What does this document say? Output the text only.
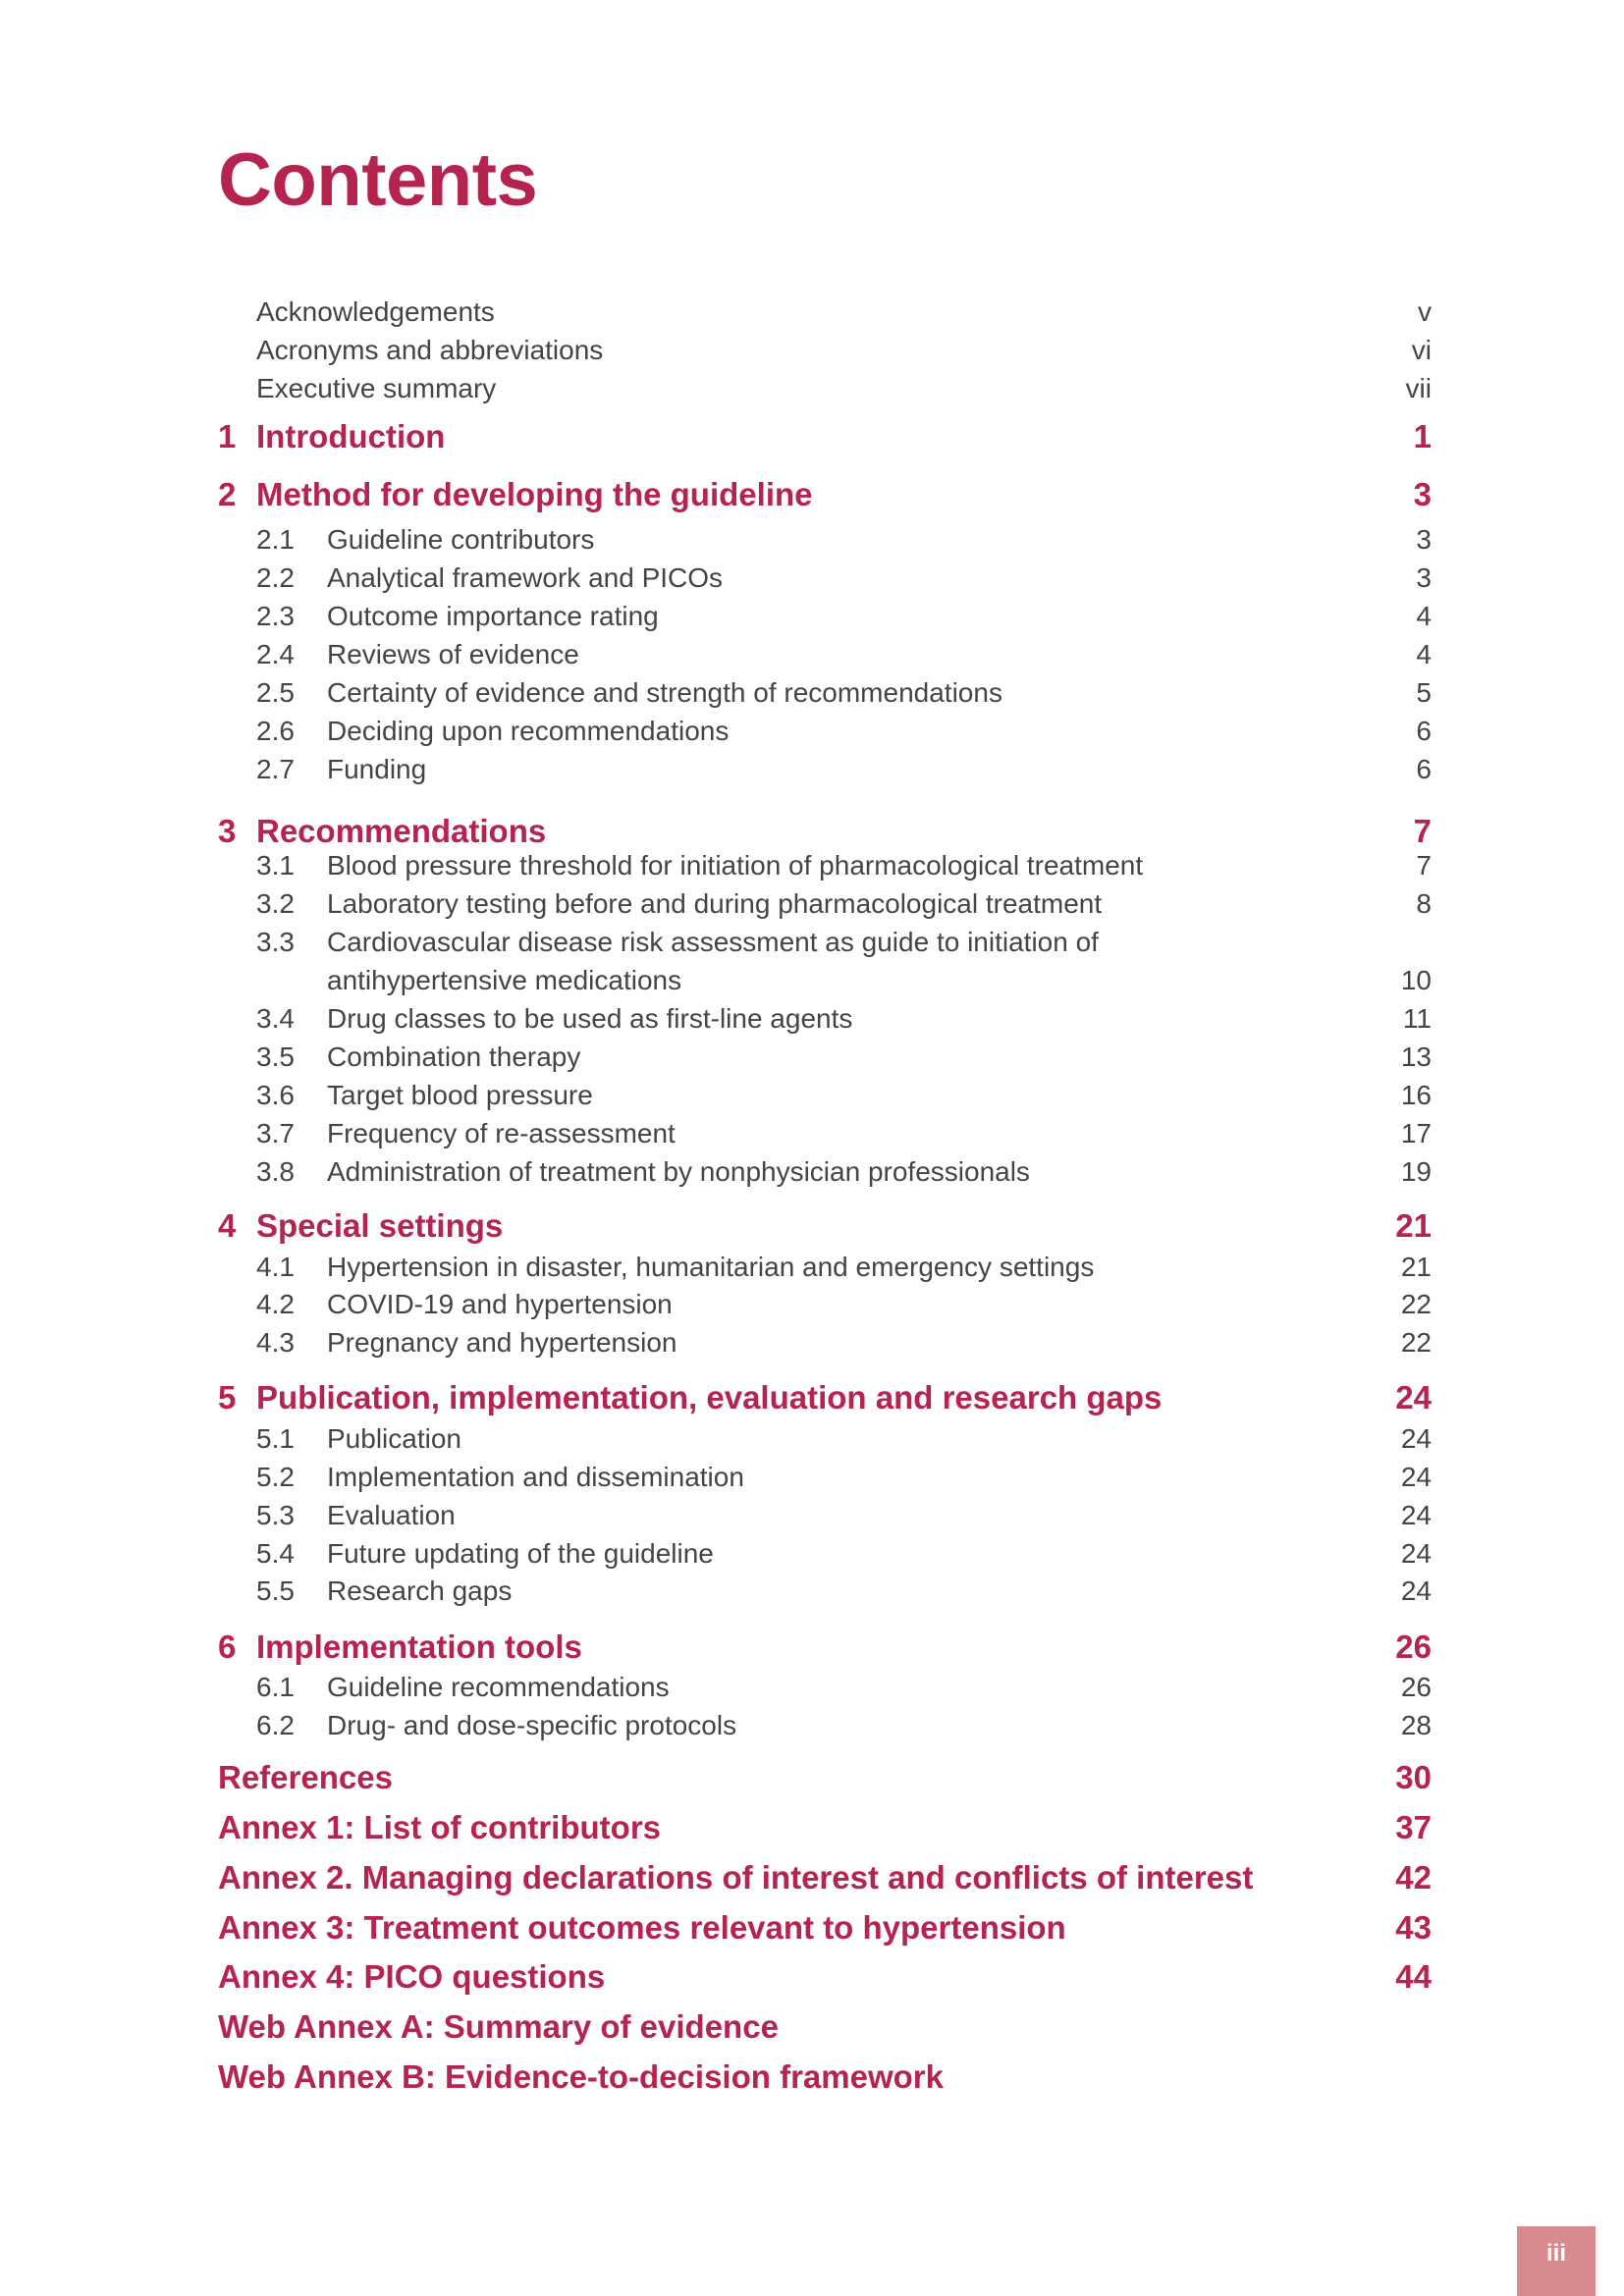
Contents
Acknowledgements	v
Acronyms and abbreviations	vi
Executive summary	vii
1 Introduction	1
2 Method for developing the guideline	3
2.1 Guideline contributors	3
2.2 Analytical framework and PICOs	3
2.3 Outcome importance rating	4
2.4 Reviews of evidence	4
2.5 Certainty of evidence and strength of recommendations	5
2.6 Deciding upon recommendations	6
2.7 Funding	6
3 Recommendations	7
3.1 Blood pressure threshold for initiation of pharmacological treatment	7
3.2 Laboratory testing before and during pharmacological treatment	8
3.3 Cardiovascular disease risk assessment as guide to initiation of
antihypertensive medications	10
3.4 Drug classes to be used as first-line agents	11
3.5 Combination therapy	13
3.6 Target blood pressure	16
3.7 Frequency of re-assessment	17
3.8 Administration of treatment by nonphysician professionals	19
4 Special settings	21
4.1 Hypertension in disaster, humanitarian and emergency settings	21
4.2 COVID-19 and hypertension	22
4.3 Pregnancy and hypertension	22
5 Publication, implementation, evaluation and research gaps	24
5.1 Publication	24
5.2 Implementation and dissemination	24
5.3 Evaluation	24
5.4 Future updating of the guideline	24
5.5 Research gaps	24
6 Implementation tools	26
6.1 Guideline recommendations	26
6.2 Drug- and dose-specific protocols	28
References	30
Annex 1: List of contributors	37
Annex 2. Managing declarations of interest and conflicts of interest	42
Annex 3: Treatment outcomes relevant to hypertension	43
Annex 4: PICO questions	44
Web Annex A: Summary of evidence
Web Annex B: Evidence-to-decision framework
iii
